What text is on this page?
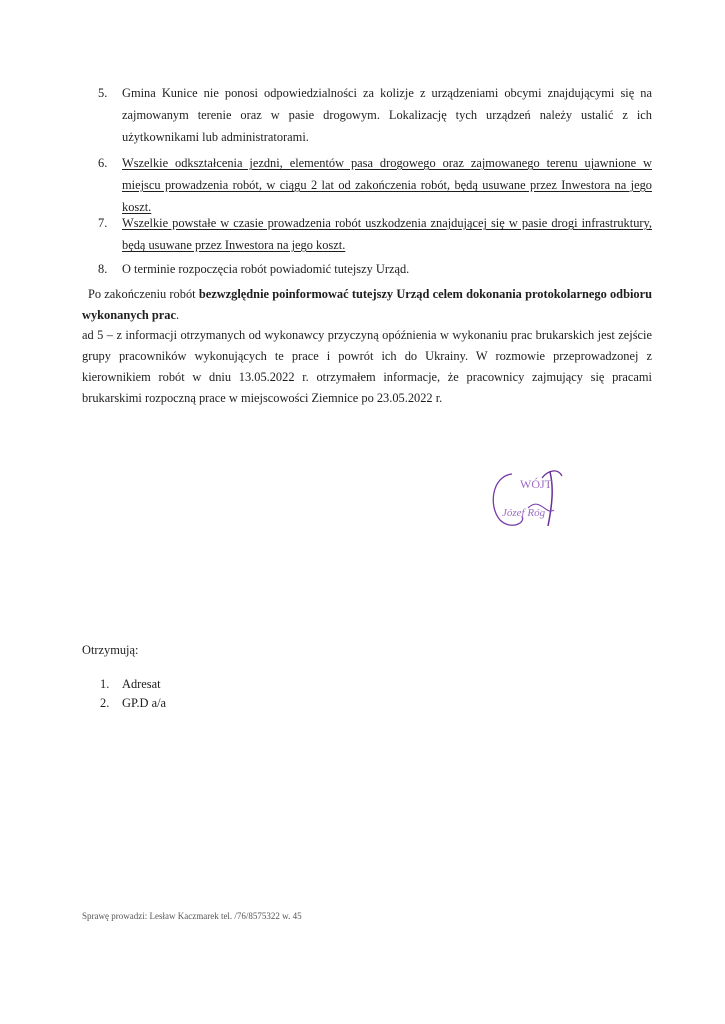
5. Gmina Kunice nie ponosi odpowiedzialności za kolizje z urządzeniami obcymi znajdującymi się na zajmowanym terenie oraz w pasie drogowym. Lokalizację tych urządzeń należy ustalić z ich użytkownikami lub administratorami.
6. Wszelkie odkształcenia jezdni, elementów pasa drogowego oraz zajmowanego terenu ujawnione w miejscu prowadzenia robót, w ciągu 2 lat od zakończenia robót, będą usuwane przez Inwestora na jego koszt.
7. Wszelkie powstałe w czasie prowadzenia robót uszkodzenia znajdującej się w pasie drogi infrastruktury, będą usuwane przez Inwestora na jego koszt.
8. O terminie rozpoczęcia robót powiadomić tutejszy Urząd.
Po zakończeniu robót bezwzględnie poinformować tutejszy Urząd celem dokonania protokolarnego odbioru wykonanych prac.
ad 5 – z informacji otrzymanych od wykonawcy przyczyną opóźnienia w wykonaniu prac brukarskich jest zejście grupy pracowników wykonujących te prace i powrót ich do Ukrainy. W rozmowie przeprowadzonej z kierownikiem robót w dniu 13.05.2022 r. otrzymałem informacje, że pracownicy zajmujący się pracami brukarskimi rozpoczną prace w miejscowości Ziemnice po 23.05.2022 r.
WÓJT
Józef Róg
Otrzymują:
1. Adresat
2. GP.D a/a
Sprawę prowadzi: Lesław Kaczmarek tel. /76/8575322 w. 45
